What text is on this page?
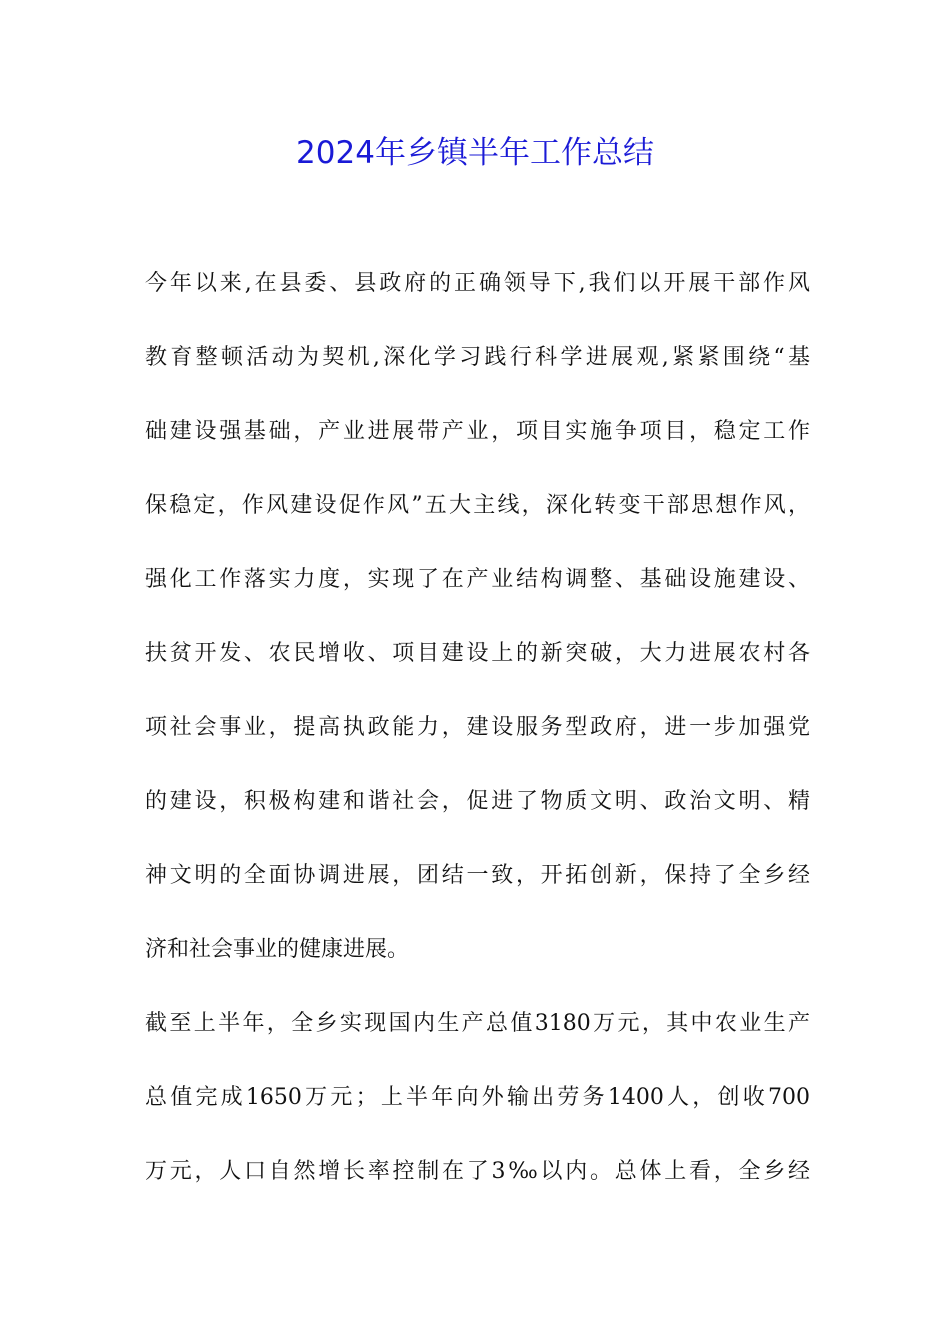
2024年乡镇半年工作总结

今年以来,在县委、县政府的正确领导下,我们以开展干部作风
教育整顿活动为契机,深化学习践行科学进展观,紧紧围绕“基
础建设强基础，产业进展带产业，项目实施争项目，稳定工作
保稳定，作风建设促作风”五大主线，深化转变干部思想作风，
强化工作落实力度，实现了在产业结构调整、基础设施建设、
扶贫开发、农民增收、项目建设上的新突破，大力进展农村各
项社会事业，提高执政能力，建设服务型政府，进一步加强党
的建设，积极构建和谐社会，促进了物质文明、政治文明、精
神文明的全面协调进展，团结一致，开拓创新，保持了全乡经
济和社会事业的健康进展。

截至上半年，全乡实现国内生产总值3180万元，其中农业生产
总值完成1650万元；上半年向外输出劳务1400人，创收700
万元，人口自然增长率控制在了3‰以内。总体上看，全乡经
